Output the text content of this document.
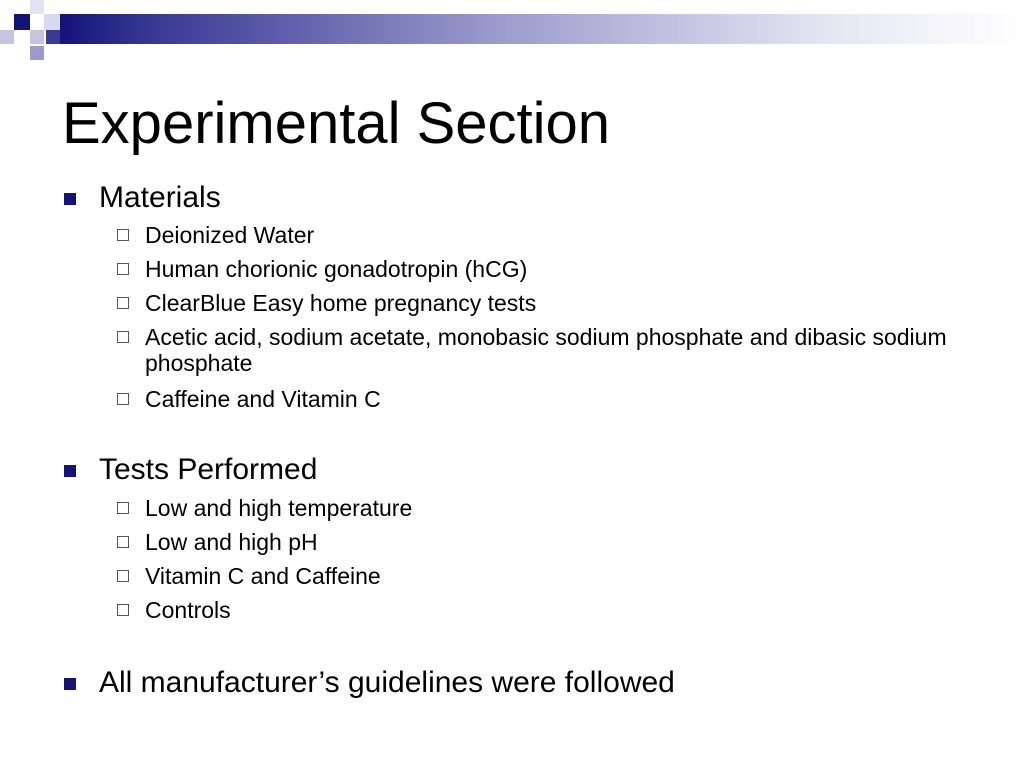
Experimental Section
Materials
Deionized Water
Human chorionic gonadotropin (hCG)
ClearBlue Easy home pregnancy tests
Acetic acid, sodium acetate, monobasic sodium phosphate and dibasic sodium phosphate
Caffeine and Vitamin C
Tests Performed
Low and high temperature
Low and high pH
Vitamin C and Caffeine
Controls
All manufacturer’s guidelines were followed
